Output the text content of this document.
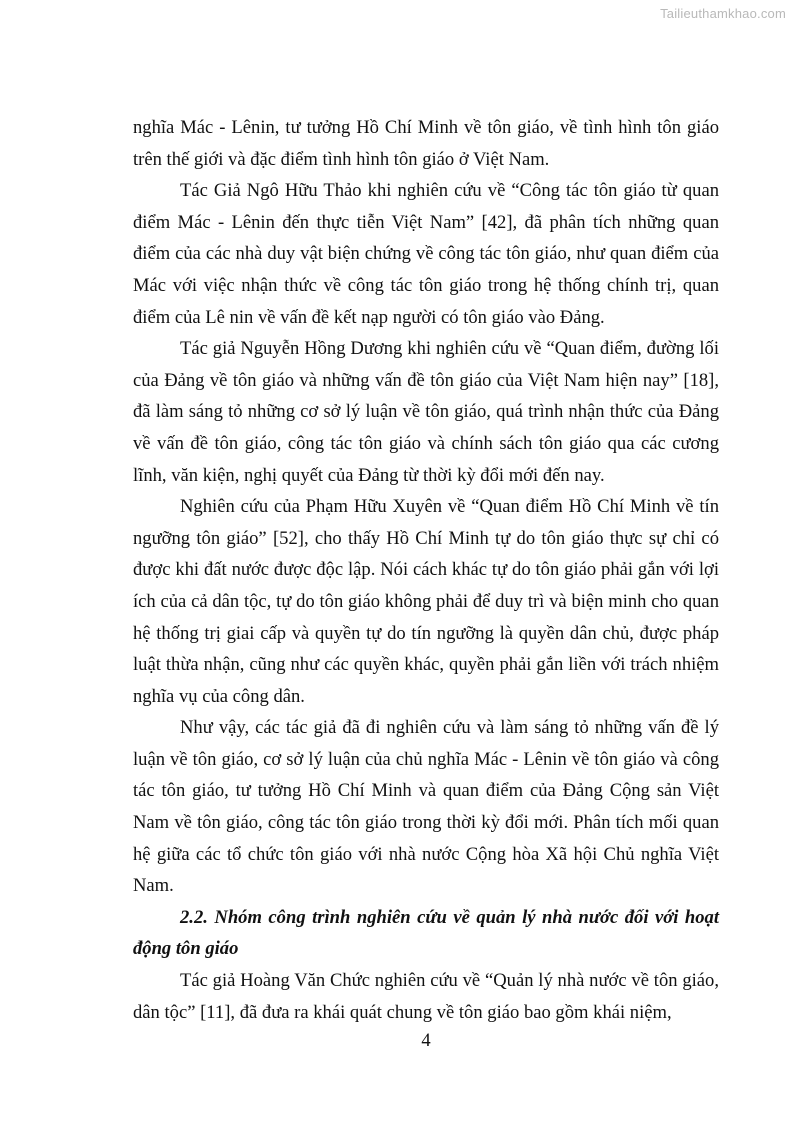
Tailieuthamkhao.com

nghĩa Mác - Lênin, tư tưởng Hồ Chí Minh về tôn giáo, về tình hình tôn giáo trên thế giới và đặc điểm tình hình tôn giáo ở Việt Nam.

Tác Giả Ngô Hữu Thảo khi nghiên cứu về “Công tác tôn giáo từ quan điểm Mác - Lênin đến thực tiễn Việt Nam” [42], đã phân tích những quan điểm của các nhà duy vật biện chứng về công tác tôn giáo, như quan điểm của Mác với việc nhận thức về công tác tôn giáo trong hệ thống chính trị, quan điểm của Lê nin về vấn đề kết nạp người có tôn giáo vào Đảng.

Tác giả Nguyễn Hồng Dương khi nghiên cứu về “Quan điểm, đường lối của Đảng về tôn giáo và những vấn đề tôn giáo của Việt Nam hiện nay” [18], đã làm sáng tỏ những cơ sở lý luận về tôn giáo, quá trình nhận thức của Đảng về vấn đề tôn giáo, công tác tôn giáo và chính sách tôn giáo qua các cương lĩnh, văn kiện, nghị quyết của Đảng từ thời kỳ đổi mới đến nay.

Nghiên cứu của Phạm Hữu Xuyên về “Quan điểm Hồ Chí Minh về tín ngưỡng tôn giáo” [52], cho thấy Hồ Chí Minh tự do tôn giáo thực sự chỉ có được khi đất nước được độc lập. Nói cách khác tự do tôn giáo phải gắn với lợi ích của cả dân tộc, tự do tôn giáo không phải để duy trì và biện minh cho quan hệ thống trị giai cấp và quyền tự do tín ngưỡng là quyền dân chủ, được pháp luật thừa nhận, cũng như các quyền khác, quyền phải gắn liền với trách nhiệm nghĩa vụ của công dân.

Như vậy, các tác giả đã đi nghiên cứu và làm sáng tỏ những vấn đề lý luận về tôn giáo, cơ sở lý luận của chủ nghĩa Mác - Lênin về tôn giáo và công tác tôn giáo, tư tưởng Hồ Chí Minh và quan điểm của Đảng Cộng sản Việt Nam về tôn giáo, công tác tôn giáo trong thời kỳ đổi mới. Phân tích mối quan hệ giữa các tổ chức tôn giáo với nhà nước Cộng hòa Xã hội Chủ nghĩa Việt Nam.

2.2. Nhóm công trình nghiên cứu về quản lý nhà nước đối với hoạt động tôn giáo

Tác giả Hoàng Văn Chức nghiên cứu về “Quản lý nhà nước về tôn giáo, dân tộc” [11], đã đưa ra khái quát chung về tôn giáo bao gồm khái niệm,

4
